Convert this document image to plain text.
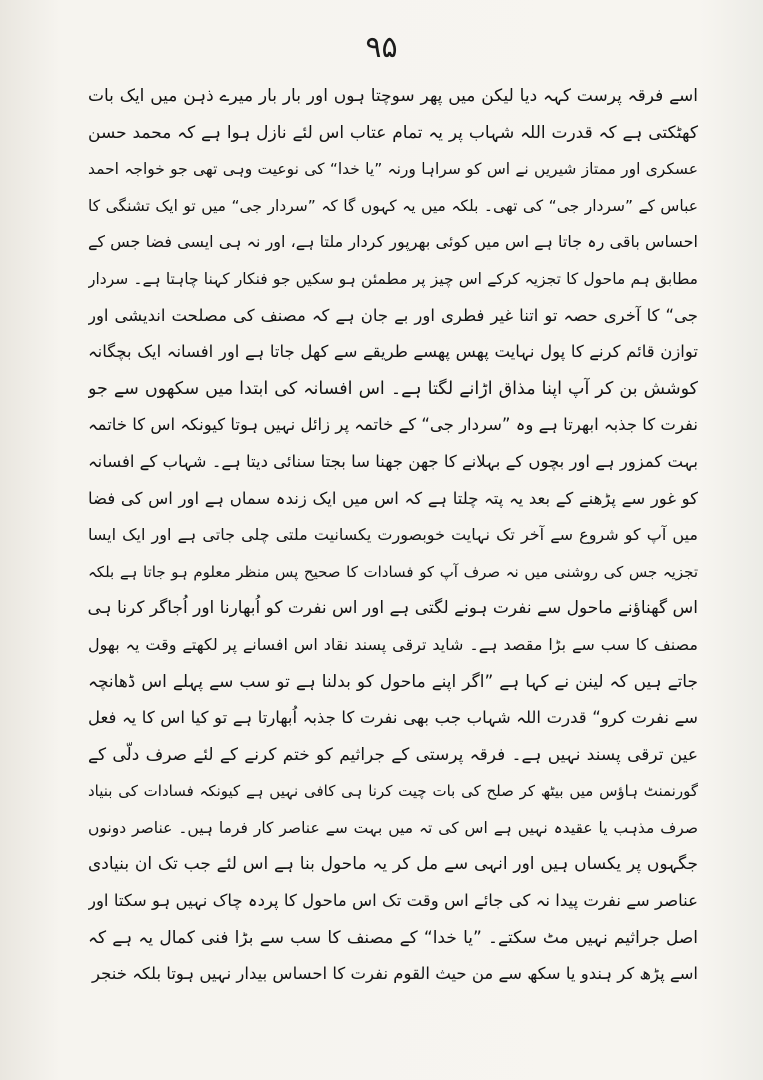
۹۵
اسے فرقہ پرست کہہ دیا لیکن میں پھر سوچتا ہوں اور بار بار میرے ذہن میں ایک بات
کھٹکتی ہے کہ قدرت اللہ شہاب پر یہ تمام عتاب اس لئے نازل ہوا ہے کہ محمد حسن
عسکری اور ممتاز شیریں نے اس کو سراہا ورنہ ”یا خدا“ کی نوعیت وہی تھی جو خواجہ احمد
عباس کے ”سردار جی“ کی تھی۔ بلکہ میں یہ کہوں گا کہ ”سردار جی“ میں تو ایک تشنگی کا
احساس باقی رہ جاتا ہے اس میں کوئی بھرپور کردار ملتا ہے، اور نہ ہی ایسی فضا جس کے
مطابق ہم ماحول کا تجزیہ کرکے اس چیز پر مطمئن ہو سکیں جو فنکار کہنا چاہتا ہے۔ سردار
جی“ کا آخری حصہ تو اتنا غیر فطری اور بے جان ہے کہ مصنف کی مصلحت اندیشی اور
توازن قائم کرنے کا پول نہایت پھس پھسے طریقے سے کھل جاتا ہے اور افسانہ ایک بچگانہ
کوشش بن کر آپ اپنا مذاق اڑانے لگتا ہے۔ اس افسانہ کی ابتدا میں سکھوں سے جو
نفرت کا جذبہ ابھرتا ہے وہ ”سردار جی“ کے خاتمہ پر زائل نہیں ہوتا کیونکہ اس کا خاتمہ
بہت کمزور ہے اور بچوں کے بہلانے کا جھن جھنا سا بجتا سنائی دیتا ہے۔ شہاب کے افسانہ
کو غور سے پڑھنے کے بعد یہ پتہ چلتا ہے کہ اس میں ایک زندہ سماں ہے اور اس کی فضا
میں آپ کو شروع سے آخر تک نہایت خوبصورت یکسانیت ملتی چلی جاتی ہے اور ایک ایسا
تجزیہ جس کی روشنی میں نہ صرف آپ کو فسادات کا صحیح پس منظر معلوم ہو جاتا ہے بلکہ
اس گھناؤنے ماحول سے نفرت ہونے لگتی ہے اور اس نفرت کو اُبھارنا اور اُجاگر کرنا ہی
مصنف کا سب سے بڑا مقصد ہے۔ شاید ترقی پسند نقاد اس افسانے پر لکھتے وقت یہ بھول
جاتے ہیں کہ لینن نے کہا ہے ”اگر اپنے ماحول کو بدلنا ہے تو سب سے پہلے اس ڈھانچہ
سے نفرت کرو“ قدرت اللہ شہاب جب بھی نفرت کا جذبہ اُبھارتا ہے تو کیا اس کا یہ فعل
عین ترقی پسند نہیں ہے۔ فرقہ پرستی کے جراثیم کو ختم کرنے کے لئے صرف دلّی کے
گورنمنٹ ہاؤس میں بیٹھ کر صلح کی بات چیت کرنا ہی کافی نہیں ہے کیونکہ فسادات کی بنیاد
صرف مذہب یا عقیدہ نہیں ہے اس کی تہ میں بہت سے عناصر کار فرما ہیں۔ عناصر دونوں
جگہوں پر یکساں ہیں اور انہی سے مل کر یہ ماحول بنا ہے اس لئے جب تک ان بنیادی
عناصر سے نفرت پیدا نہ کی جائے اس وقت تک اس ماحول کا پردہ چاک نہیں ہو سکتا اور
اصل جراثیم نہیں مٹ سکتے۔ ”یا خدا“ کے مصنف کا سب سے بڑا فنی کمال یہ ہے کہ
اسے پڑھ کر ہندو یا سکھ سے من حیث القوم نفرت کا احساس بیدار نہیں ہوتا بلکہ خنجر
